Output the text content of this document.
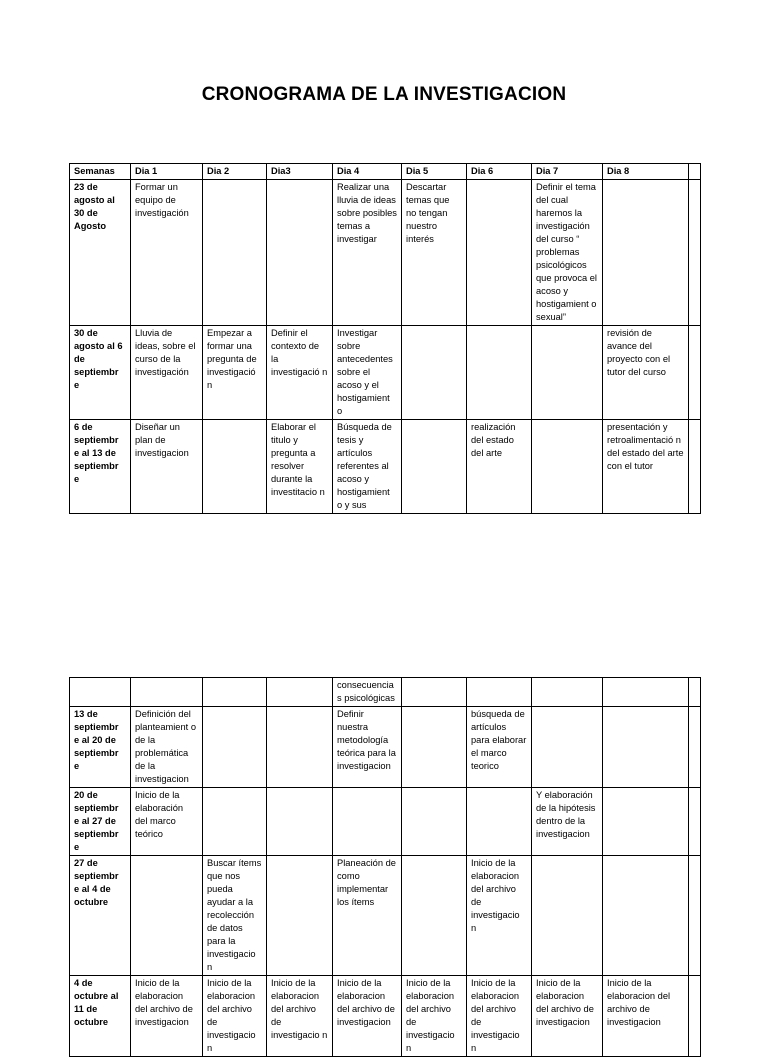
CRONOGRAMA DE LA INVESTIGACION
Semanas	Dia 1	Dia 2	Dia3	Dia 4	Dia 5	Dia 6	Dia 7	Dia 8	
23 de agosto al 30 de Agosto	Formar un equipo de investigación			Realizar una lluvia de ideas sobre posibles temas a investigar	Descartar temas que no tengan nuestro interés		Definir el tema del cual haremos la investigación del curso “ problemas psicológicos que provoca el acoso y hostigamient o sexual”		
30 de agosto al 6 de septiembr e	Lluvia de ideas, sobre el curso de la investigación	Empezar a formar una pregunta de investigació n	Definir el contexto de la investigació n	Investigar sobre antecedentes sobre el acoso y el hostigamient o				revisión de avance del proyecto con el tutor del curso	
6 de septiembr e al 13 de septiembr e	Diseñar un plan de investigacion		Elaborar el titulo y pregunta a resolver durante la investitacio n	Búsqueda de tesis y artículos referentes al acoso y hostigamient o y sus		realización del estado del arte		presentación y retroalimentació n del estado del arte con el tutor	
				consecuencia s psicológicas					
13 de septiembr e al 20 de septiembr e	Definición del planteamient o de la problemática de la investigacion			Definir nuestra metodología teórica para la investigacion		búsqueda de artículos para elaborar el marco teorico			
20 de septiembr e al 27 de septiembr e	Inicio de la elaboración del marco teórico						Y elaboración de la hipótesis dentro de la investigacion		
27 de septiembr e al 4 de octubre		Buscar ítems que nos pueda ayudar a la recolección de datos para la investigacio n		Planeación de como implementar los ítems		Inicio de la elaboracion del archivo de investigacio n			
4 de octubre al 11 de octubre	Inicio de la elaboracion del archivo de investigacion	Inicio de la elaboracion del archivo de investigacio n	Inicio de la elaboracion del archivo de investigacio n	Inicio de la elaboracion del archivo de investigacion	Inicio de la elaboracion del archivo de investigacio n	Inicio de la elaboracion del archivo de investigacio n	Inicio de la elaboracion del archivo de investigacion	Inicio de la elaboracion del archivo de investigacion	
